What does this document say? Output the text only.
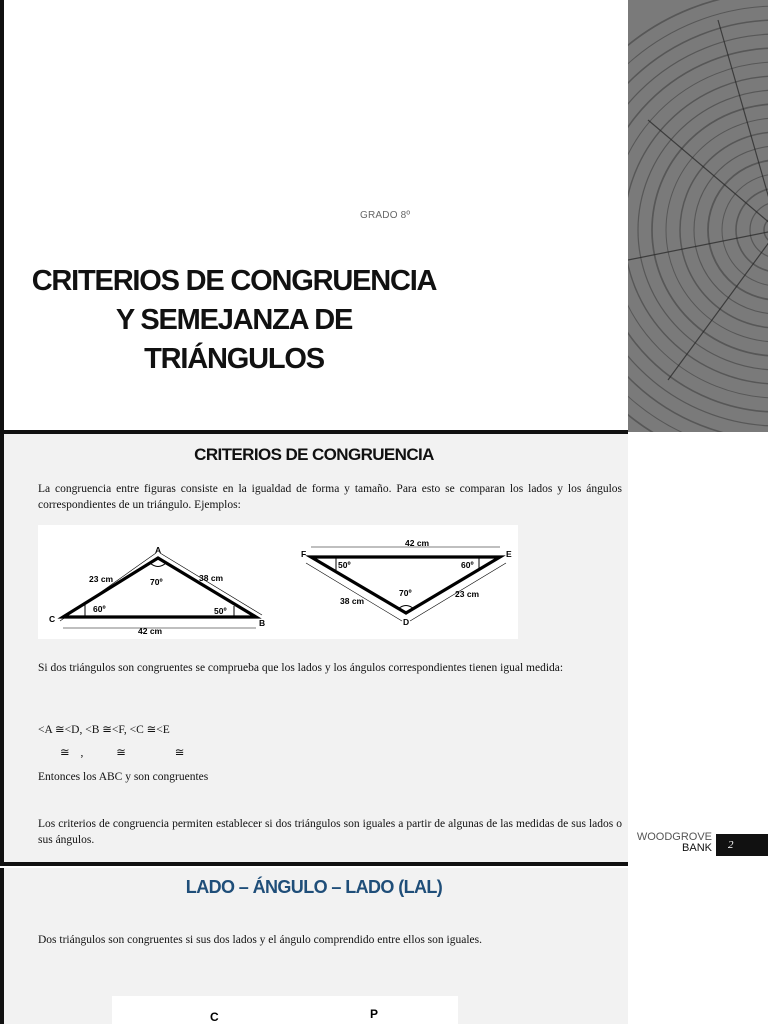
GRADO 8º
CRITERIOS DE CONGRUENCIA
Y SEMEJANZA DE
TRIÁNGULOS
CRITERIOS DE CONGRUENCIA
La congruencia entre figuras consiste en la igualdad de forma y tamaño. Para esto se comparan los lados y los ángulos correspondientes de un triángulo. Ejemplos:
A
B
C
23 cm	38 cm
42 cm
70º
60º	50º
F	E
D
42 cm
38 cm
23 cm
50º	60º
70º
Si dos triángulos son congruentes se comprueba que los lados y los ángulos correspondientes tienen igual medida:
<A ≅<D, <B ≅<F, <C ≅<E
≅ ,	≅	≅
Entonces los ABC y son congruentes
Los criterios de congruencia permiten establecer si dos triángulos son iguales a partir de algunas de las medidas de sus lados o sus ángulos.	WOODGROVE
BANK	2
LADO – ÁNGULO – LADO (LAL)
Dos triángulos son congruentes si sus dos lados y el ángulo comprendido entre ellos son iguales.
C	P
